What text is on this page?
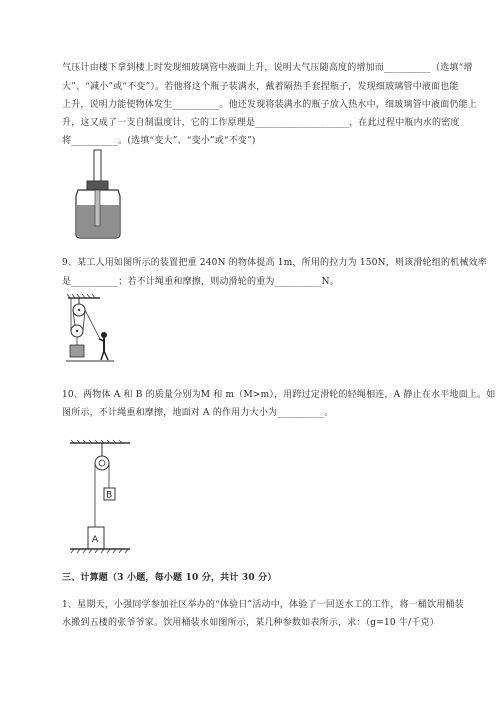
气压计由楼下拿到楼上时发现细玻璃管中液面上升，说明大气压随高度的增加而__________（选填“增
大”、“减小”或“不变”）。若他将这个瓶子装满水，戴着隔热手套捏瓶子，发现细玻璃管中液面也能
上升，说明力能使物体发生__________。他还发现将装满水的瓶子放入热水中，细玻璃管中液面仍能上
升，这又成了一支自制温度计，它的工作原理是____________________，在此过程中瓶内水的密度
将__________。(选填“变大”、“变小”或“不变”)
9、某工人用如图所示的装置把重 240N 的物体提高 1m，所用的拉力为 150N，则该滑轮组的机械效率
是__________；若不计绳重和摩擦，则动滑轮的重为__________N。
10、两物体 A 和 B 的质量分别为M 和 m（M>m），用跨过定滑轮的轻绳相连，A 静止在水平地面上。如
图所示，不计绳重和摩擦，地面对 A 的作用力大小为__________。
B
A
三、计算题（3 小题，每小题 10 分，共计 30 分）
1、星期天，小强同学参加社区举办的“体验日”活动中，体验了一回送水工的工作，将一桶饮用桶装
水搬到五楼的张爷爷家。饮用桶装水如图所示，某几种参数如表所示，求：（g=10 牛/千克）
